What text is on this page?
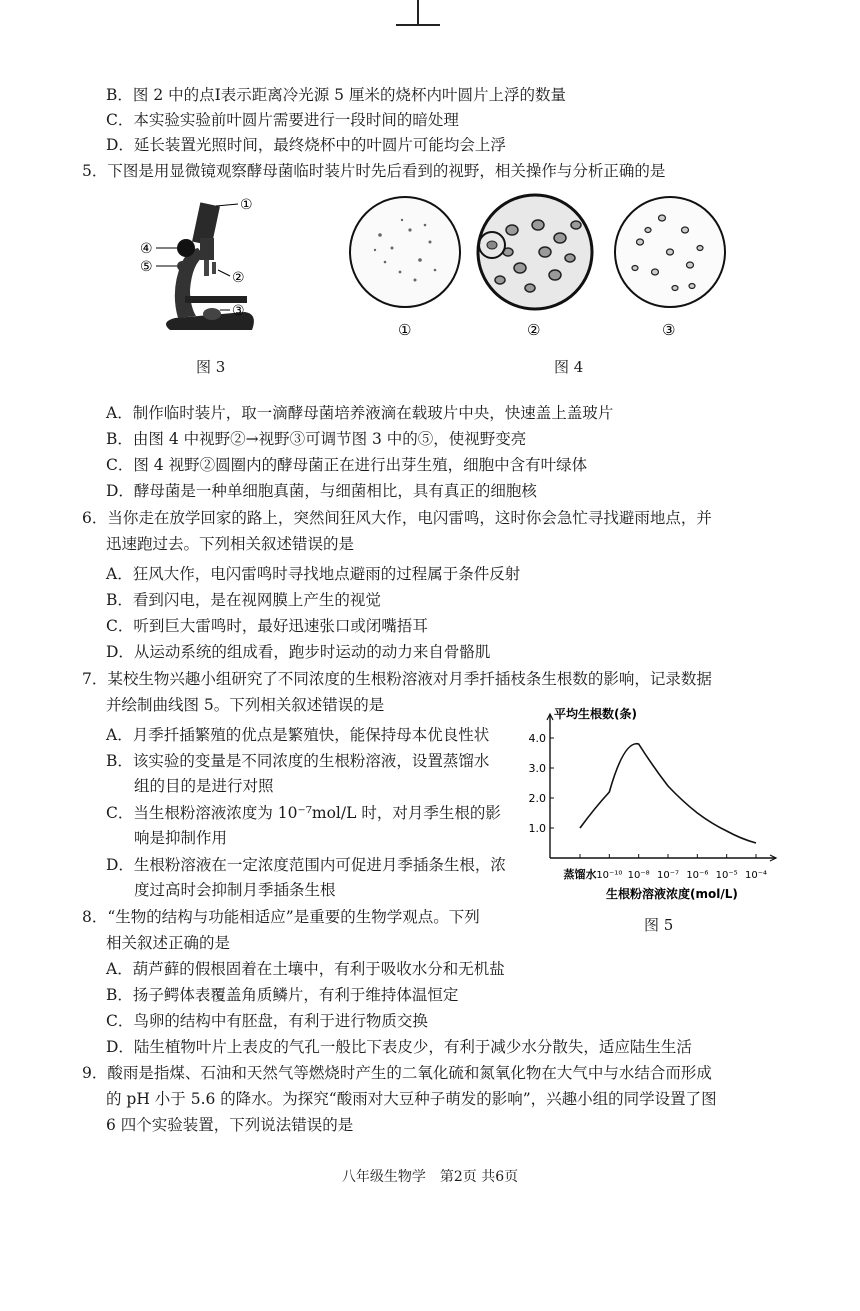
B．图 2 中的点Ⅰ表示距离冷光源 5 厘米的烧杯内叶圆片上浮的数量
C．本实验实验前叶圆片需要进行一段时间的暗处理
D．延长装置光照时间，最终烧杯中的叶圆片可能均会上浮
5．下图是用显微镜观察酵母菌临时装片时先后看到的视野，相关操作与分析正确的是
①
②
③
④
⑤
图 3
①	②	③
图 4
A．制作临时装片，取一滴酵母菌培养液滴在载玻片中央，快速盖上盖玻片
B．由图 4 中视野②→视野③可调节图 3 中的⑤，使视野变亮
C．图 4 视野②圆圈内的酵母菌正在进行出芽生殖，细胞中含有叶绿体
D．酵母菌是一种单细胞真菌，与细菌相比，具有真正的细胞核
6．当你走在放学回家的路上，突然间狂风大作，电闪雷鸣，这时你会急忙寻找避雨地点，并
迅速跑过去。下列相关叙述错误的是
A．狂风大作，电闪雷鸣时寻找地点避雨的过程属于条件反射
B．看到闪电，是在视网膜上产生的视觉
C．听到巨大雷鸣时，最好迅速张口或闭嘴捂耳
D．从运动系统的组成看，跑步时运动的动力来自骨骼肌
7．某校生物兴趣小组研究了不同浓度的生根粉溶液对月季扦插枝条生根数的影响，记录数据
并绘制曲线图 5。下列相关叙述错误的是
A．月季扦插繁殖的优点是繁殖快，能保持母本优良性状
B．该实验的变量是不同浓度的生根粉溶液，设置蒸馏水
组的目的是进行对照
C．当生根粉溶液浓度为 10⁻⁷mol/L 时，对月季生根的影
响是抑制作用
D．生根粉溶液在一定浓度范围内可促进月季插条生根，浓
度过高时会抑制月季插条生根
1.0
2.0
3.0
4.0
蒸馏水 10⁻¹⁰ 10⁻⁸ 10⁻⁷ 10⁻⁶ 10⁻⁵ 10⁻⁴
平均生根数(条)
生根粉溶液浓度(mol/L)
图 5
8．“生物的结构与功能相适应”是重要的生物学观点。下列
相关叙述正确的是
A．葫芦藓的假根固着在土壤中，有利于吸收水分和无机盐
B．扬子鳄体表覆盖角质鳞片，有利于维持体温恒定
C．鸟卵的结构中有胚盘，有利于进行物质交换
D．陆生植物叶片上表皮的气孔一般比下表皮少，有利于减少水分散失，适应陆生生活
9．酸雨是指煤、石油和天然气等燃烧时产生的二氧化硫和氮氧化物在大气中与水结合而形成
的 pH 小于 5.6 的降水。为探究“酸雨对大豆种子萌发的影响”，兴趣小组的同学设置了图
6 四个实验装置，下列说法错误的是
八年级生物学　第2页 共6页
